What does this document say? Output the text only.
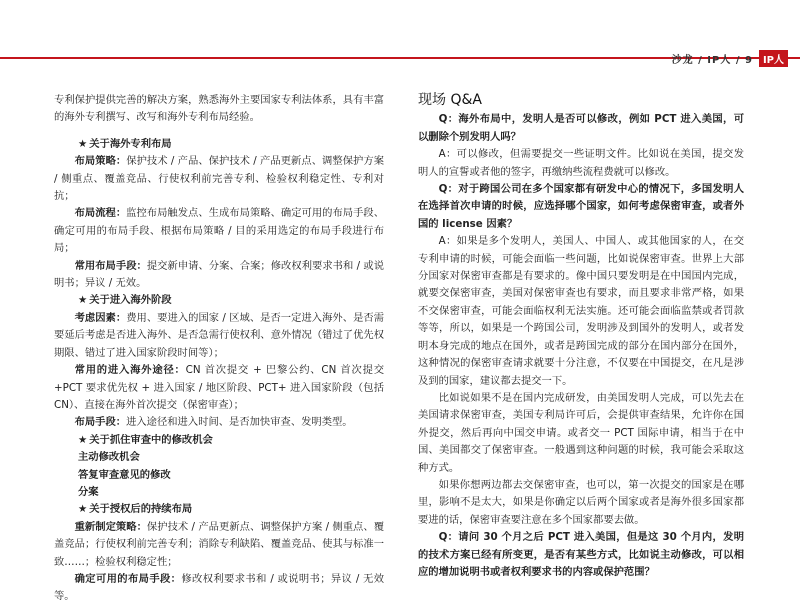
沙龙 / IP人 / 9	IP人

专利保护提供完善的解决方案，熟悉海外主要国家专利法体系，具有丰富的海外专利撰写、改写和海外专利布局经验。

★ 关于海外专利布局

布局策略：保护技术 / 产品、保护技术 / 产品更新点、调整保护方案 / 侧重点、覆盖竞品、行使权利前完善专利、检验权利稳定性、专利对抗；

布局流程：监控布局触发点、生成布局策略、确定可用的布局手段、确定可用的布局手段、根据布局策略 / 目的采用选定的布局手段进行布局；

常用布局手段：提交新申请、分案、合案；修改权利要求书和 / 或说明书；异议 / 无效。

★ 关于进入海外阶段

考虑因素：费用、要进入的国家 / 区域、是否一定进入海外、是否需要延后考虑是否进入海外、是否急需行使权利、意外情况（错过了优先权期限、错过了进入国家阶段时间等）；

常用的进入海外途径：CN 首次提交 + 巴黎公约、CN 首次提交 +PCT 要求优先权 + 进入国家 / 地区阶段、PCT+ 进入国家阶段（包括 CN）、直接在海外首次提交（保密审查）；

布局手段：进入途径和进入时间、是否加快审查、发明类型。

★ 关于抓住审查中的修改机会

主动修改机会

答复审查意见的修改

分案

★ 关于授权后的持续布局

重新制定策略：保护技术 / 产品更新点、调整保护方案 / 侧重点、覆盖竞品；行使权利前完善专利；消除专利缺陷、覆盖竞品、使其与标准一致……；检验权利稳定性；

确定可用的布局手段：修改权利要求书和 / 或说明书；异议 / 无效等。

现场 Q&A

Q：海外布局中，发明人是否可以修改，例如 PCT 进入美国，可以删除个别发明人吗？

A：可以修改，但需要提交一些证明文件。比如说在美国，提交发明人的宣誓或者他的签字，再缴纳些流程费就可以修改。

Q：对于跨国公司在多个国家都有研发中心的情况下，多国发明人在选择首次申请的时候，应选择哪个国家，如何考虑保密审查，或者外国的 license 因素？

A：如果是多个发明人，美国人、中国人、或其他国家的人，在交专利申请的时候，可能会面临一些问题，比如说保密审查。世界上大部分国家对保密审查都是有要求的。像中国只要发明是在中国国内完成，就要交保密审查，美国对保密审查也有要求，而且要求非常严格，如果不交保密审查，可能会面临权利无法实施。还可能会面临监禁或者罚款等等，所以，如果是一个跨国公司，发明涉及到国外的发明人，或者发明本身完成的地点在国外，或者是跨国完成的部分在国内部分在国外，这种情况的保密审查请求就要十分注意，不仅要在中国提交，在凡是涉及到的国家，建议都去提交一下。

比如说如果不是在国内完成研发，由美国发明人完成，可以先去在美国请求保密审查，美国专利局许可后，会提供审查结果，允许你在国外提交，然后再向中国交申请。或者交一 PCT 国际申请，相当于在中国、美国都交了保密审查。一般遇到这种问题的时候，我可能会采取这种方式。

如果你想两边都去交保密审查，也可以，第一次提交的国家是在哪里，影响不是太大，如果是你确定以后两个国家或者是海外很多国家都要进的话，保密审查要注意在多个国家都要去做。

Q：请问 30 个月之后 PCT 进入美国，但是这 30 个月内，发明的技术方案已经有所变更，是否有某些方式，比如说主动修改，可以相应的增加说明书或者权利要求书的内容或保护范围？
